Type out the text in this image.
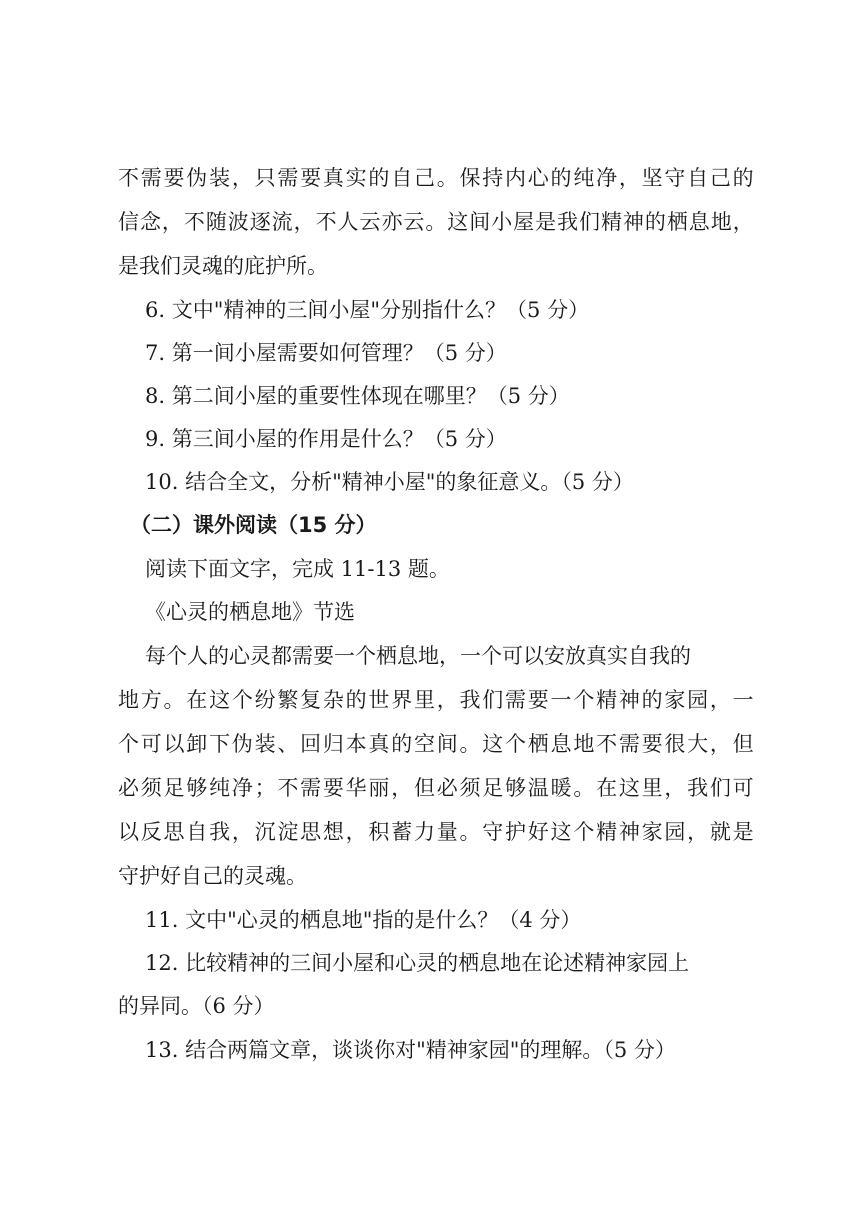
不 需 要 伪 装 ， 只 需 要 真 实 的 自 己 。 保 持 内 心 的 纯 净 ， 坚 守 自 己 的
信 念 ， 不 随 波 逐 流 ， 不 人 云 亦 云 。 这 间 小 屋 是 我 们 精 神 的 栖 息 地 ，
是我们灵魂的庇护所。
6. 文中"精神的三间小屋"分别指什么？（5 分）
7. 第一间小屋需要如何管理？（5 分）
8. 第二间小屋的重要性体现在哪里？（5 分）
9. 第三间小屋的作用是什么？（5 分）
10. 结合全文，分析"精神小屋"的象征意义。（5 分）
（二）课外阅读（15 分）
阅读下面文字，完成 11-13 题。
《心灵的栖息地》节选
每个人的心灵都需要一个栖息地，一个可以安放真实自我的
地 方 。 在 这 个 纷 繁 复 杂 的 世 界 里 ， 我 们 需 要 一 个 精 神 的 家 园 ， 一
个 可 以 卸 下 伪 装 、 回 归 本 真 的 空 间 。 这 个 栖 息 地 不 需 要 很 大 ， 但
必 须 足 够 纯 净 ； 不 需 要 华 丽 ， 但 必 须 足 够 温 暖 。 在 这 里 ， 我 们 可
以 反 思 自 我 ， 沉 淀 思 想 ， 积 蓄 力 量 。 守 护 好 这 个 精 神 家 园 ， 就 是
守护好自己的灵魂。
11. 文中"心灵的栖息地"指的是什么？（4 分）
12. 比较精神的三间小屋和心灵的栖息地在论述精神家园上
的异同。（6 分）
13. 结合两篇文章，谈谈你对"精神家园"的理解。（5 分）
